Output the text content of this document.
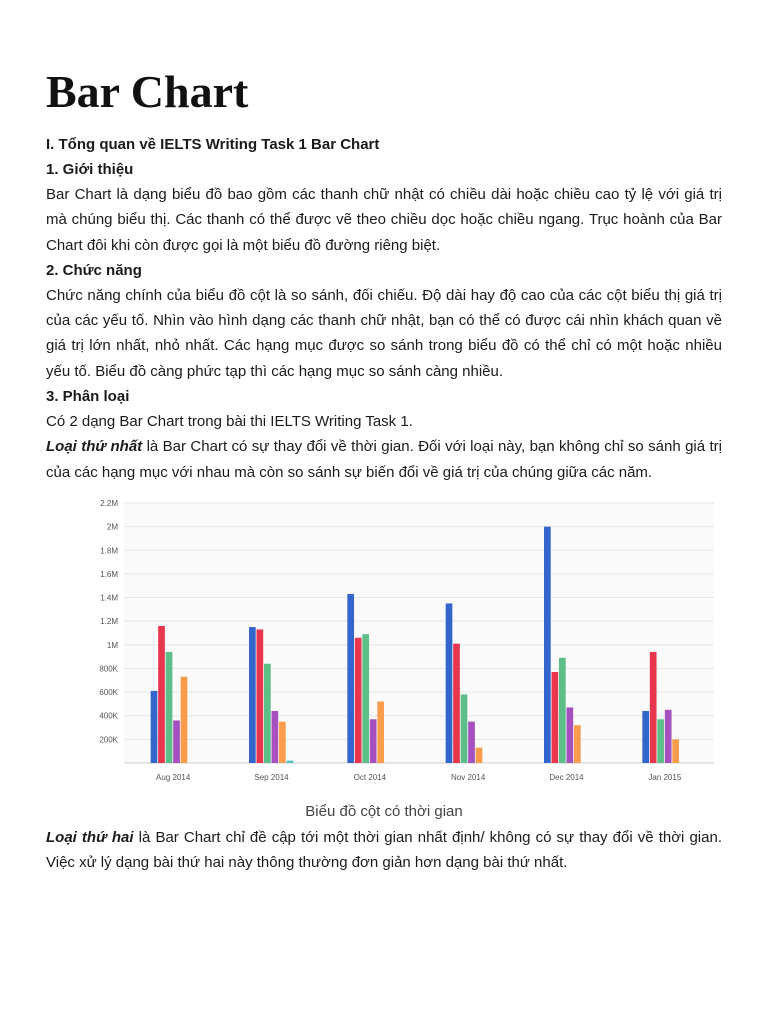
Bar Chart
I. Tổng quan về IELTS Writing Task 1 Bar Chart
1. Giới thiệu

Bar Chart là dạng biểu đồ bao gồm các thanh chữ nhật có chiều dài hoặc chiều cao tỷ lệ với giá trị mà chúng biểu thị. Các thanh có thể được vẽ theo chiều dọc hoặc chiều ngang. Trục hoành của Bar Chart đôi khi còn được gọi là một biểu đồ đường riêng biệt.

2. Chức năng

Chức năng chính của biểu đồ cột là so sánh, đối chiếu. Độ dài hay độ cao của các cột biểu thị giá trị của các yếu tố. Nhìn vào hình dạng các thanh chữ nhật, bạn có thể có được cái nhìn khách quan về giá trị lớn nhất, nhỏ nhất. Các hạng mục được so sánh trong biểu đồ có thể chỉ có một hoặc nhiều yếu tố. Biểu đồ càng phức tạp thì các hạng mục so sánh càng nhiều.

3. Phân loại

Có 2 dạng Bar Chart trong bài thi IELTS Writing Task 1.

Loại thứ nhất là Bar Chart có sự thay đổi về thời gian. Đối với loại này, bạn không chỉ so sánh giá trị của các hạng mục với nhau mà còn so sánh sự biến đổi về giá trị của chúng giữa các năm.

200K
400K
600K
800K
1M
1.2M
1.4M
1.6M
1.8M
2M
2.2M
Aug 2014	Sep 2014	Oct 2014	Nov 2014	Dec 2014	Jan 2015
Biểu đồ cột có thời gian

Loại thứ hai là Bar Chart chỉ đề cập tới một thời gian nhất định/ không có sự thay đổi về thời gian. Việc xử lý dạng bài thứ hai này thông thường đơn giản hơn dạng bài thứ nhất.
